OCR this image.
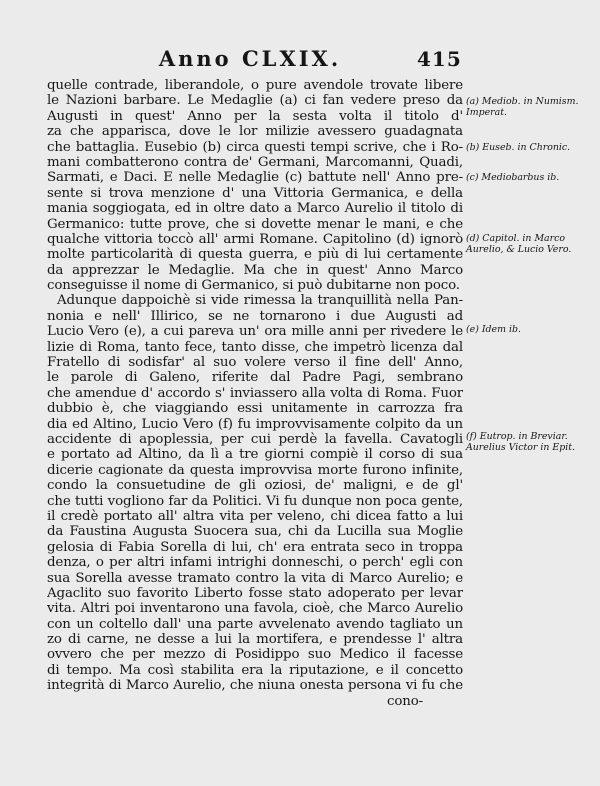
Anno CLXIX.	415
quelle contrade, liberandole, o pure avendole trovate libere
le Nazioni barbare. Le Medaglie (a) ci fan vedere preso da
Augusti in quest' Anno per la sesta volta il titolo d'
za che apparisca, dove le lor milizie avessero guadagnata
che battaglia. Eusebio (b) circa questi tempi scrive, che i Ro-
mani combatterono contra de' Germani, Marcomanni, Quadi,
Sarmati, e Daci. E nelle Medaglie (c) battute nell' Anno pre-
sente si trova menzione d' una Vittoria Germanica, e della
mania soggiogata, ed in oltre dato a Marco Aurelio il titolo di
Germanico: tutte prove, che si dovette menar le mani, e che
qualche vittoria toccò all' armi Romane. Capitolino (d) ignorò
molte particolarità di questa guerra, e più di lui certamente
da apprezzar le Medaglie. Ma che in quest' Anno Marco
conseguisse il nome di Germanico, si può dubitarne non poco.
Adunque dappoichè si vide rimessa la tranquillità nella Pan-
nonia e nell' Illirico, se ne tornarono i due Augusti ad
Lucio Vero (e), a cui pareva un' ora mille anni per rivedere le
lizie di Roma, tanto fece, tanto disse, che impetrò licenza dal
Fratello di sodisfar' al suo volere verso il fine dell' Anno,
le parole di Galeno, riferite dal Padre Pagi, sembrano
che amendue d' accordo s' inviassero alla volta di Roma. Fuor
dubbio è, che viaggiando essi unitamente in carrozza fra
dia ed Altino, Lucio Vero (f) fu improvvisamente colpito da un
accidente di apoplessia, per cui perdè la favella. Cavatogli
e portato ad Altino, da lì a tre giorni compiè il corso di sua
dicerie cagionate da questa improvvisa morte furono infinite,
condo la consuetudine de gli oziosi, de' maligni, e de gl'
che tutti vogliono far da Politici. Vi fu dunque non poca gente,
il credè portato all' altra vita per veleno, chi dicea fatto a lui
da Faustina Augusta Suocera sua, chi da Lucilla sua Moglie
gelosia di Fabia Sorella di lui, ch' era entrata seco in troppa
denza, o per altri infami intrighi donneschi, o perch' egli con
sua Sorella avesse tramato contro la vita di Marco Aurelio; e
Agaclito suo favorito Liberto fosse stato adoperato per levar
vita. Altri poi inventarono una favola, cioè, che Marco Aurelio
con un coltello dall' una parte avvelenato avendo tagliato un
zo di carne, ne desse a lui la mortifera, e prendesse l' altra
ovvero che per mezzo di Posidippo suo Medico il facesse
di tempo. Ma così stabilita era la riputazione, e il concetto
integrità di Marco Aurelio, che niuna onesta persona vi fu che
cono-
(a) Mediob. in Numism. Imperat.
(b) Euseb. in Chronic.
(c) Mediobarbus ib.
(d) Capitol. in Marco Aurelio, & Lucio Vero.
(e) Idem ib.
(f) Eutrop. in Breviar. Aurelius Victor in Epit.
